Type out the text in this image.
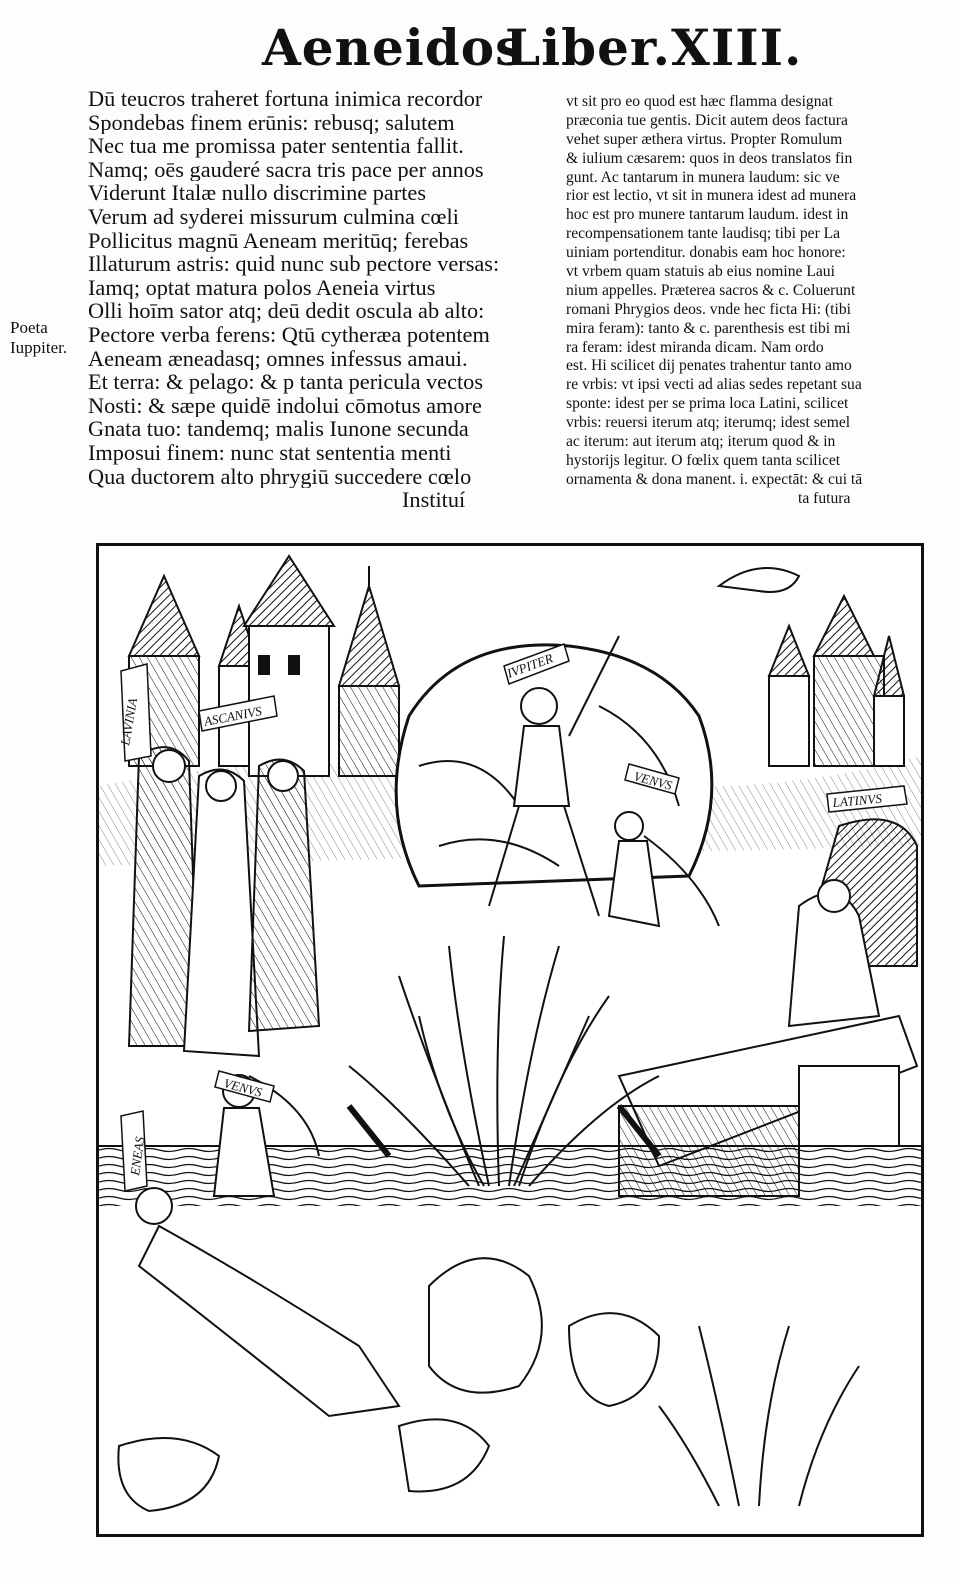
Aeneidos
Liber.XIII.
Poeta
Iuppiter.
Dū teucros traheret fortuna inimica recordor
Spondebas finem erūnis: rebusq; salutem
Nec tua me promissa pater sententia fallit.
Namq; oēs gauderé sacra tris pace per annos
Viderunt Italæ nullo discrimine partes
Verum ad syderei missurum culmina cœli
Pollicitus magnū Aeneam meritūq; ferebas
Illaturum astris: quid nunc sub pectore versas:
Iamq; optat matura polos Aeneia virtus
Olli hoīm sator atq; deū dedit oscula ab alto:
Pectore verba ferens: Qtū cytheræa potentem
Aeneam æneadasq; omnes infessus amaui.
Et terra: & pelago: & p tanta pericula vectos
Nosti: & sæpe quidē indolui cōmotus amore
Gnata tuo: tandemq; malis Iunone secunda
Imposui finem: nunc stat sententia menti
Qua ductorem alto phrygiū succedere cœlo
Instituí
vt sit pro eo quod est hæc flamma designat
præconia tue gentis. Dicit autem deos factura
vehet super æthera virtus. Propter Romulum
& iulium cæsarem: quos in deos translatos fin
gunt. Ac tantarum in munera laudum: sic ve
rior est lectio, vt sit in munera idest ad munera
hoc est pro munere tantarum laudum. idest in
recompensationem tante laudisq; tibi per La
uiniam portenditur. donabis eam hoc honore:
vt vrbem quam statuis ab eius nomine Laui
nium appelles. Præterea sacros & c. Coluerunt
romani Phrygios deos. vnde hec ficta Hi: (tibi
mira feram): tanto & c. parenthesis est tibi mi
ra feram: idest miranda dicam. Nam ordo
est. Hi scilicet dij penates trahentur tanto amo
re vrbis: vt ipsi vecti ad alias sedes repetant sua
sponte: idest per se prima loca Latini, scilicet
vrbis: reuersi iterum atq; iterumq; idest semel
ac iterum: aut iterum atq; iterum quod & in
hystorijs legitur. O fœlix quem tanta scilicet
ornamenta & dona manent. i. expectāt: & cui tā
ta futura
LAVINIA	ASCANIVS
IVPITER
VENVS
LATINVS
VENVS
ENEAS
